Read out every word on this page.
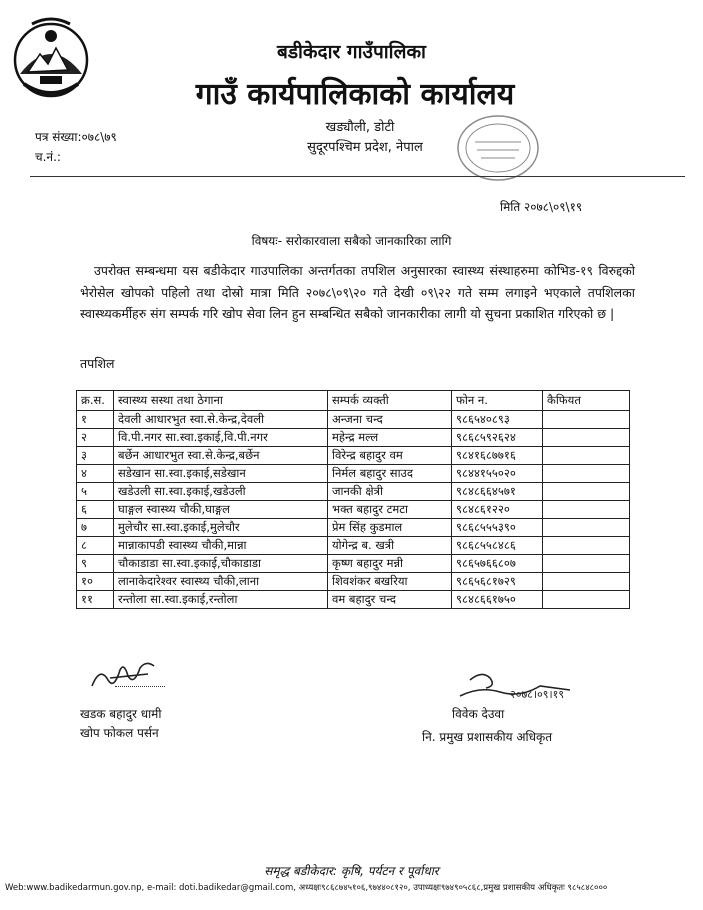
बडीकेदार गाउँपालिका
गाउँ कार्यपालिकाको कार्यालय
खड्यौली, डोटी
सुदूरपश्चिम प्रदेश, नेपाल
पत्र संख्या:०७८\७९
च.नं.:
मिति २०७८\०९\१९
विषयः- सरोकारवाला सबैको जानकारिका लागि
उपरोक्त सम्बन्धमा यस बडीकेदार गाउपालिका अन्तर्गतका तपशिल अनुसारका स्वास्थ्य संस्थाहरुमा कोभिड-१९ विरुद्दको भेरोसेल खोपको पहिलो तथा दोस्रो मात्रा मिति २०७८\०९\२० गते देखी ०९\२२ गते सम्म लगाइने भएकाले तपशिलका स्वास्थ्यकर्मीहरु संग सम्पर्क गरि खोप सेवा लिन हुन सम्बन्धित सबैको जानकारीका लागी यो सुचना प्रकाशित गरिएको छ |
तपशिल
क्र.स.	स्वास्थ्य सस्था तथा ठेगाना	सम्पर्क व्यक्ती	फोन न.	कैफियत
१	देवली आधारभुत स्वा.से.केन्द्र,देवली	अन्जना चन्द	९८६५४०८९३	
२	वि.पी.नगर सा.स्वा.इकाई,वि.पी.नगर	महेन्द्र मल्ल	९८६८५९२६२४	
३	बर्छेन आधारभुत स्वा.से.केन्द्र,बर्छेन	विरेन्द्र बहादुर वम	९८४१६८७७१६	
४	सडेखान सा.स्वा.इकाई,सडेखान	निर्मल बहादुर साउद	९८४४१५५०२०	
५	खडेउली सा.स्वा.इकाई,खडेउली	जानकी क्षेत्री	९८४८६६४५७१	
६	घाङ्गल स्वास्थ्य चौकी,घाङ्गल	भक्त बहादुर टमटा	९८४८६१२२०	
७	मुलेचौर सा.स्वा.इकाई,मुलेचौर	प्रेम सिंह कुडमाल	९८६८५५५३९०	
८	मान्नाकापडी स्वास्थ्य चौकी,मान्ना	योगेन्द्र ब. खत्री	९८६८५५८४८६	
९	चौकाडाडा सा.स्वा.इकाई,चौकाडाडा	कृष्ण बहादुर मन्नी	९८६५७६६८०७	
१०	लानाकेदारेश्वर स्वास्थ्य चौकी,लाना	शिवशंकर बखरिया	९८६५६८१७२९	
११	रन्तोला सा.स्वा.इकाई,रन्तोला	वम बहादुर चन्द	९८४८६६१७५०	
खडक बहादुर धामी
खोप फोकल पर्सन
२०७८।०९।१९
विवेक देउवा
नि. प्रमुख प्रशासकीय अधिकृत
समृद्ध बडीकेदार: कृषि, पर्यटन र पूर्वाधार
Web:www.badikedarmun.gov.np, e-mail: doti.badikedar@gmail.com, अध्यक्षः९८६८७४५१०६,९७४४०८१२०, उपाध्यक्षः९७४९०५८६८,प्रमुख प्रशासकीय अधिकृतः ९८५८४८०००
